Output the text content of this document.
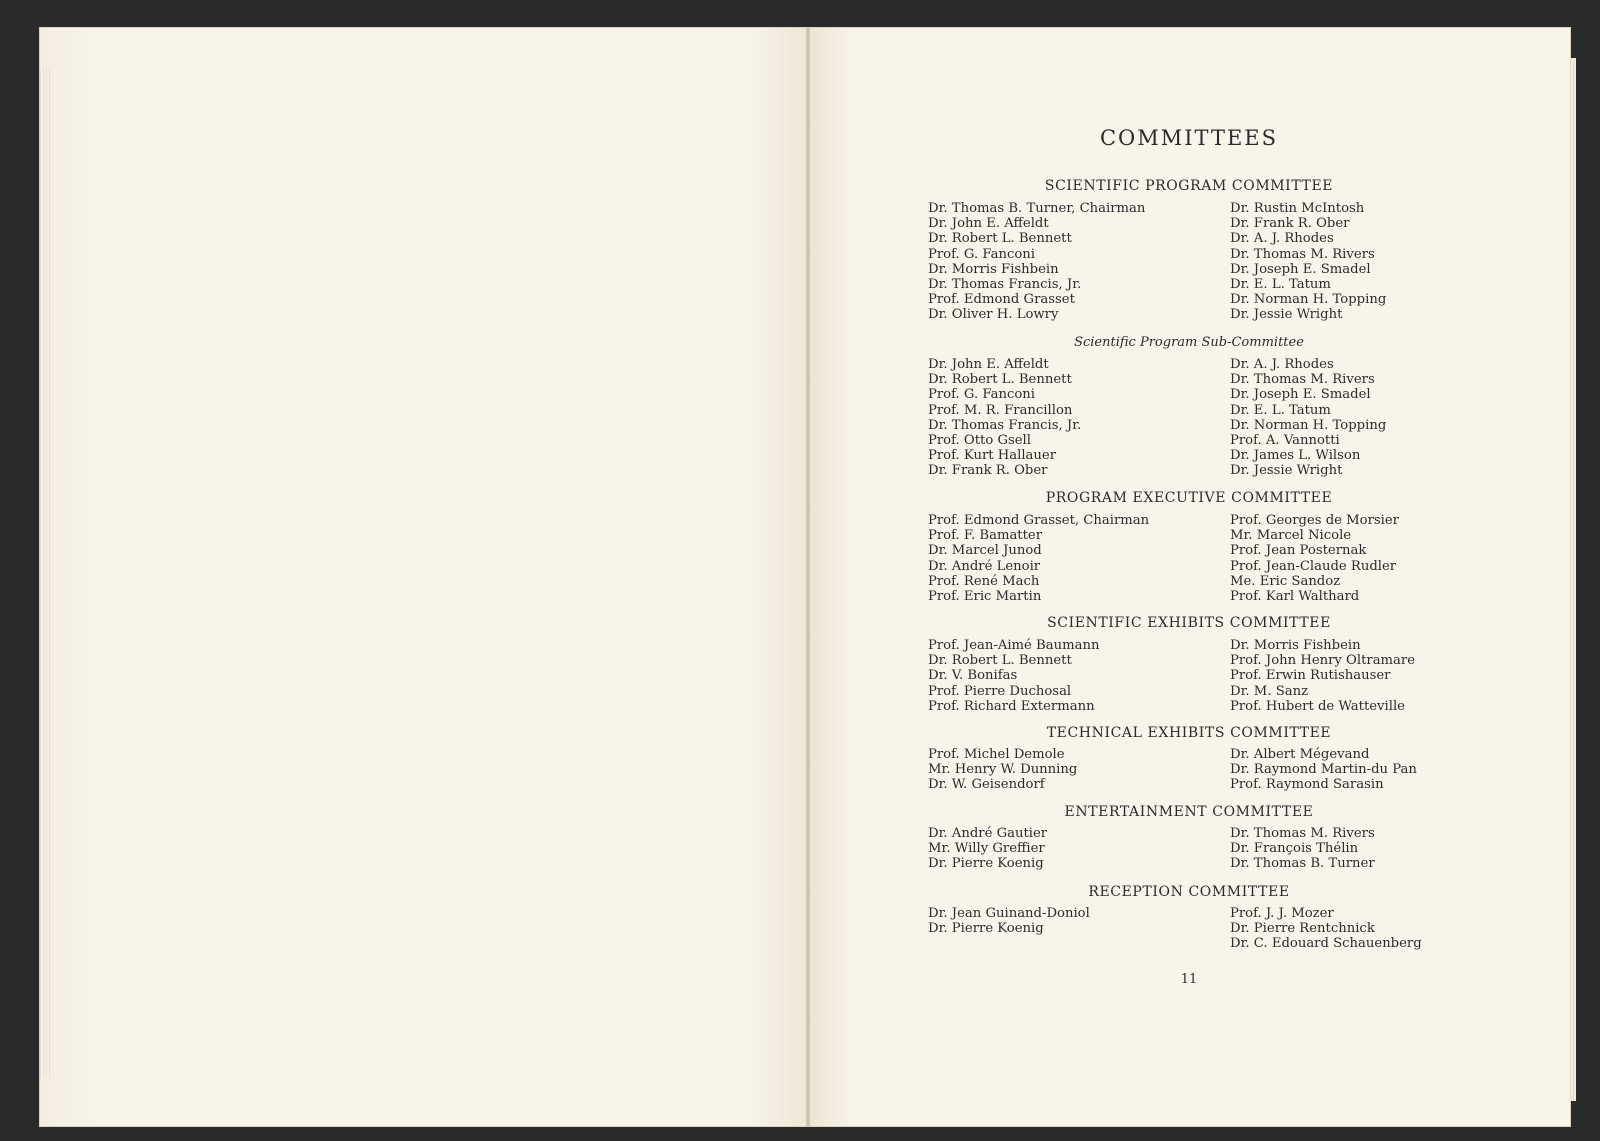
COMMITTEES
SCIENTIFIC PROGRAM COMMITTEE
Dr. Thomas B. Turner, Chairman
Dr. John E. Affeldt
Dr. Robert L. Bennett
Prof. G. Fanconi
Dr. Morris Fishbein
Dr. Thomas Francis, Jr.
Prof. Edmond Grasset
Dr. Oliver H. Lowry
Dr. Rustin McIntosh
Dr. Frank R. Ober
Dr. A. J. Rhodes
Dr. Thomas M. Rivers
Dr. Joseph E. Smadel
Dr. E. L. Tatum
Dr. Norman H. Topping
Dr. Jessie Wright
Scientific Program Sub-Committee
Dr. John E. Affeldt
Dr. Robert L. Bennett
Prof. G. Fanconi
Prof. M. R. Francillon
Dr. Thomas Francis, Jr.
Prof. Otto Gsell
Prof. Kurt Hallauer
Dr. Frank R. Ober
Dr. A. J. Rhodes
Dr. Thomas M. Rivers
Dr. Joseph E. Smadel
Dr. E. L. Tatum
Dr. Norman H. Topping
Prof. A. Vannotti
Dr. James L. Wilson
Dr. Jessie Wright
PROGRAM EXECUTIVE COMMITTEE
Prof. Edmond Grasset, Chairman
Prof. F. Bamatter
Dr. Marcel Junod
Dr. André Lenoir
Prof. René Mach
Prof. Eric Martin
Prof. Georges de Morsier
Mr. Marcel Nicole
Prof. Jean Posternak
Prof. Jean-Claude Rudler
Me. Eric Sandoz
Prof. Karl Walthard
SCIENTIFIC EXHIBITS COMMITTEE
Prof. Jean-Aimé Baumann
Dr. Robert L. Bennett
Dr. V. Bonifas
Prof. Pierre Duchosal
Prof. Richard Extermann
Dr. Morris Fishbein
Prof. John Henry Oltramare
Prof. Erwin Rutishauser
Dr. M. Sanz
Prof. Hubert de Watteville
TECHNICAL EXHIBITS COMMITTEE
Prof. Michel Demole
Mr. Henry W. Dunning
Dr. W. Geisendorf
Dr. Albert Mégevand
Dr. Raymond Martin-du Pan
Prof. Raymond Sarasin
ENTERTAINMENT COMMITTEE
Dr. André Gautier
Mr. Willy Greffier
Dr. Pierre Koenig
Dr. Thomas M. Rivers
Dr. François Thélin
Dr. Thomas B. Turner
RECEPTION COMMITTEE
Dr. Jean Guinand-Doniol
Dr. Pierre Koenig
Prof. J. J. Mozer
Dr. Pierre Rentchnick
Dr. C. Edouard Schauenberg
11
